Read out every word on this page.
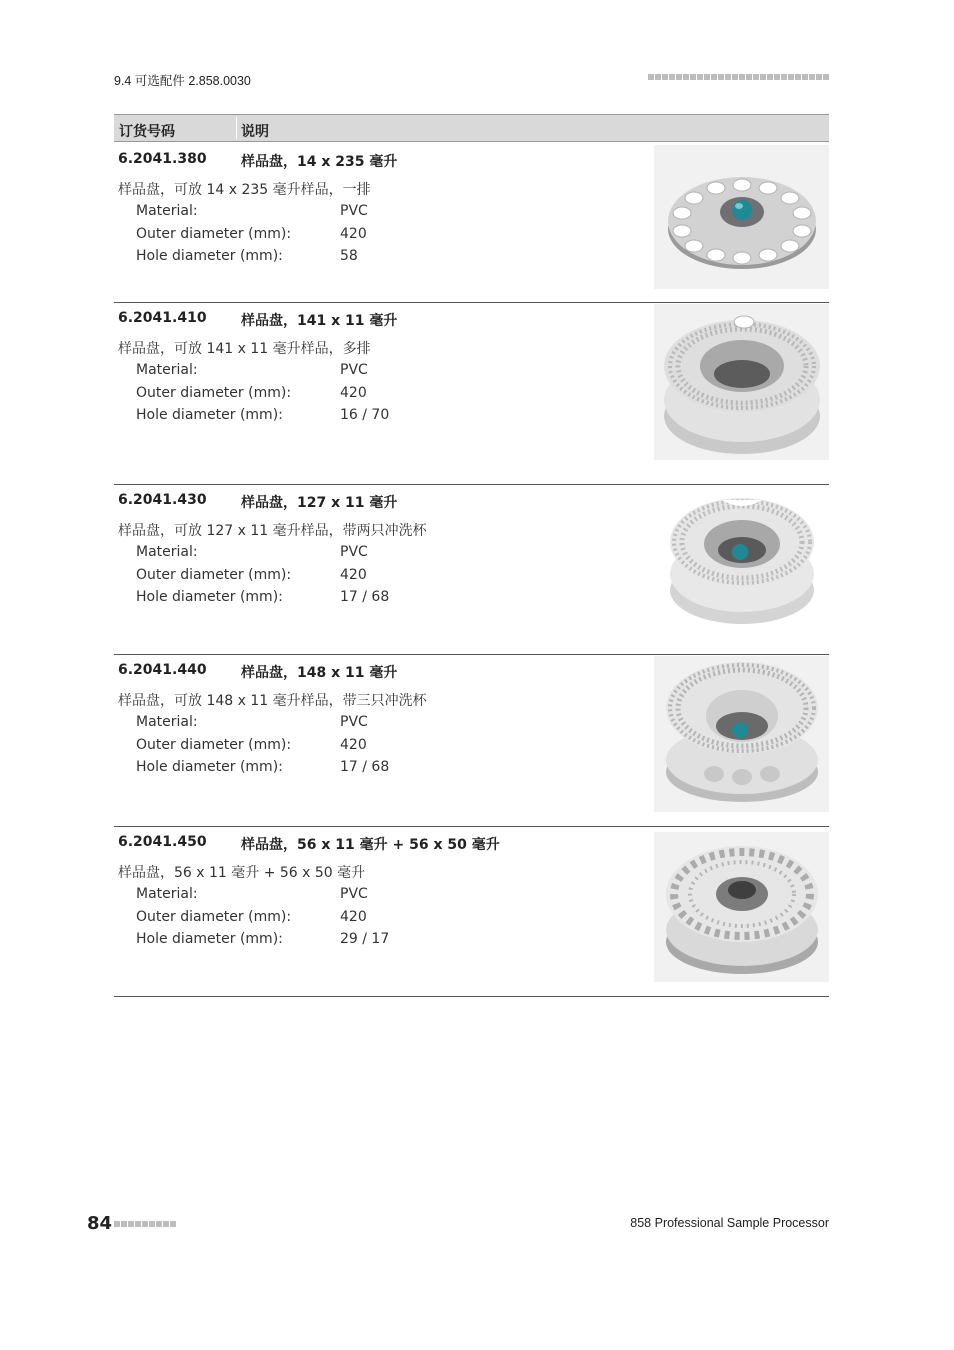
9.4 可选配件 2.858.0030
订货号码	说明
6.2041.380 样品盘，14 x 235 毫升
样品盘，可放 14 x 235 毫升样品，一排
Material:	PVC
Outer diameter (mm):	420
Hole diameter (mm):	58
6.2041.410 样品盘，141 x 11 毫升
样品盘，可放 141 x 11 毫升样品，多排
Material:	PVC
Outer diameter (mm):	420
Hole diameter (mm):	16 / 70
6.2041.430 样品盘，127 x 11 毫升
样品盘，可放 127 x 11 毫升样品，带两只冲洗杯
Material:	PVC
Outer diameter (mm):	420
Hole diameter (mm):	17 / 68
6.2041.440 样品盘，148 x 11 毫升
样品盘，可放 148 x 11 毫升样品，带三只冲洗杯
Material:	PVC
Outer diameter (mm):	420
Hole diameter (mm):	17 / 68
6.2041.450 样品盘，56 x 11 毫升 + 56 x 50 毫升
样品盘，56 x 11 毫升 + 56 x 50 毫升
Material:	PVC
Outer diameter (mm):	420
Hole diameter (mm):	29 / 17
84	858 Professional Sample Processor
